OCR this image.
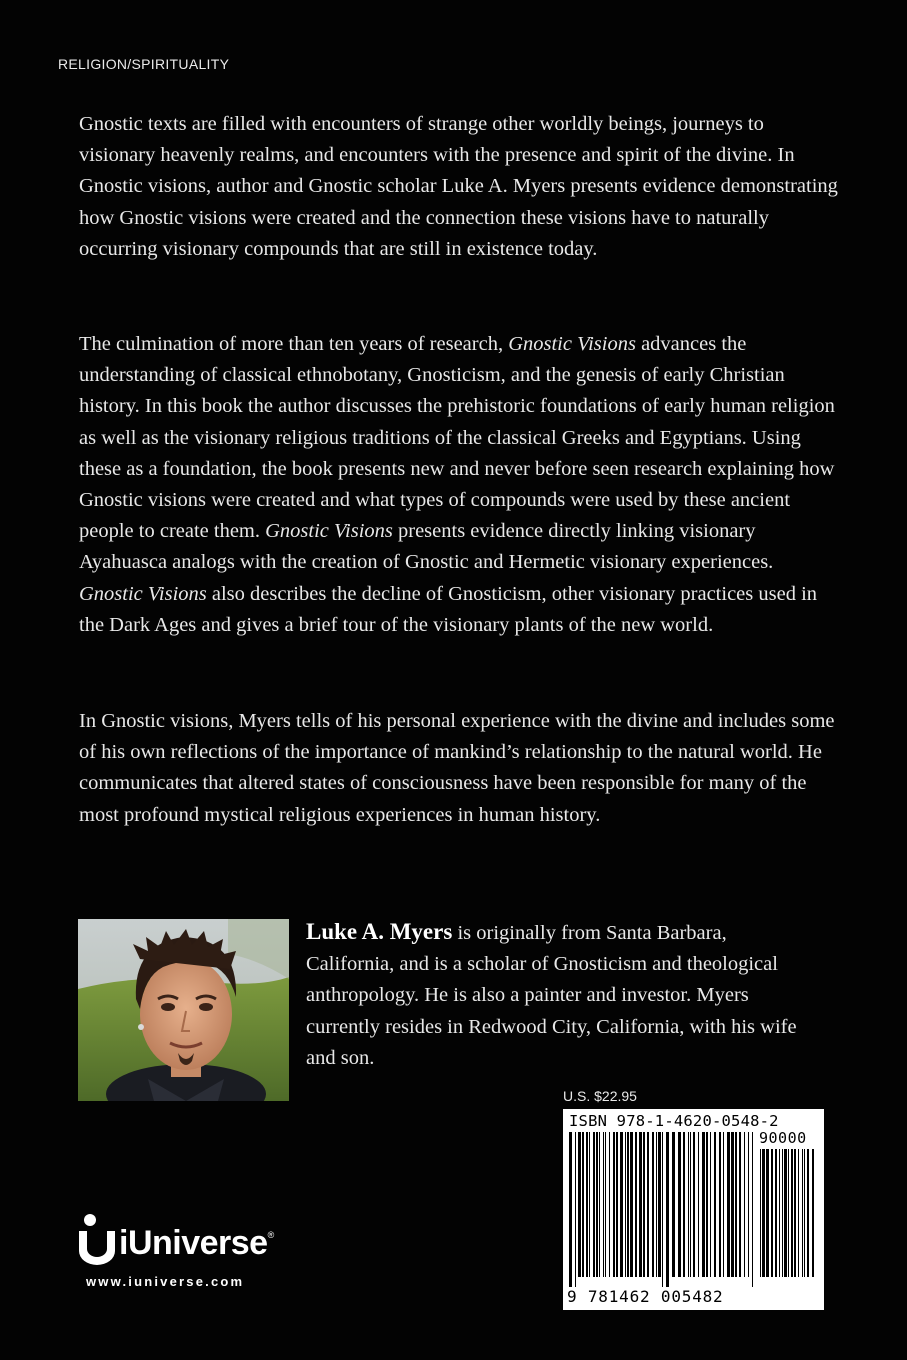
RELIGION/SPIRITUALITY

Gnostic texts are filled with encounters of strange other worldly beings, journeys to visionary heavenly realms, and encounters with the presence and spirit of the divine. In Gnostic visions, author and Gnostic scholar Luke A. Myers presents evidence demonstrating how Gnostic visions were created and the connection these visions have to naturally occurring visionary compounds that are still in existence today.

The culmination of more than ten years of research, Gnostic Visions advances the understanding of classical ethnobotany, Gnosticism, and the genesis of early Christian history. In this book the author discusses the prehistoric foundations of early human religion as well as the visionary religious traditions of the classical Greeks and Egyptians. Using these as a foundation, the book presents new and never before seen research explaining how Gnostic visions were created and what types of compounds were used by these ancient people to create them. Gnostic Visions presents evidence directly linking visionary Ayahuasca analogs with the creation of Gnostic and Hermetic visionary experiences. Gnostic Visions also describes the decline of Gnosticism, other visionary practices used in the Dark Ages and gives a brief tour of the visionary plants of the new world.

In Gnostic visions, Myers tells of his personal experience with the divine and includes some of his own reflections of the importance of mankind’s relationship to the natural world. He communicates that altered states of consciousness have been responsible for many of the most profound mystical religious experiences in human history.

Luke A. Myers is originally from Santa Barbara, California, and is a scholar of Gnosticism and theological anthropology. He is also a painter and investor. Myers currently resides in Redwood City, California, with his wife and son.

U.S. $22.95
ISBN 978-1-4620-0548-2
90000
9 781462 005482
iUniverse®
www.iuniverse.com
